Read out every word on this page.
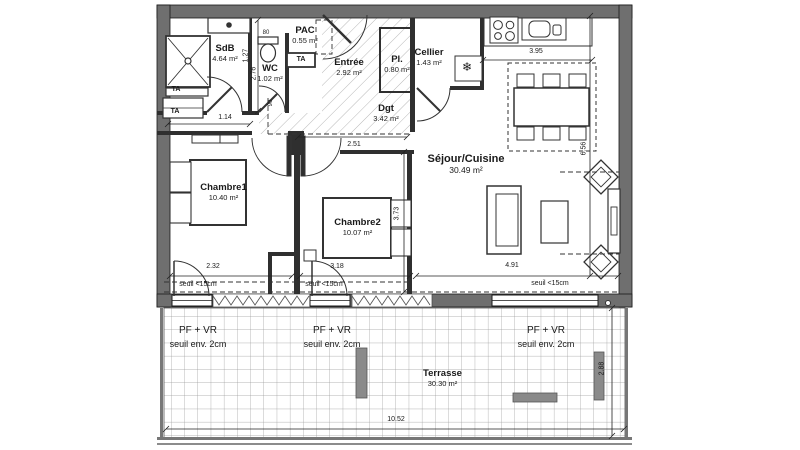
SdB
4.64 m²
WC
1.02 m²
PAC
0.55 m²
Entrée
2.92 m²
Pl.
0.80 m²
Cellier
1.43 m²
Dgt
3.42 m²
Séjour/Cuisine
30.49 m²
Chambre1
10.40 m²
Chambre2
10.07 m²
Terrasse
30.30 m²
3.95
2.51
2.32	3.18	4.91
10.52
1.14
80
90
1.27
2.76
3.73
6.56
2.88
TA
TA
TA
seuil <15cm	seuil <15cm	seuil <15cm
PF + VR
seuil env. 2cm
PF + VR
seuil env. 2cm
PF + VR
seuil env. 2cm
❄
